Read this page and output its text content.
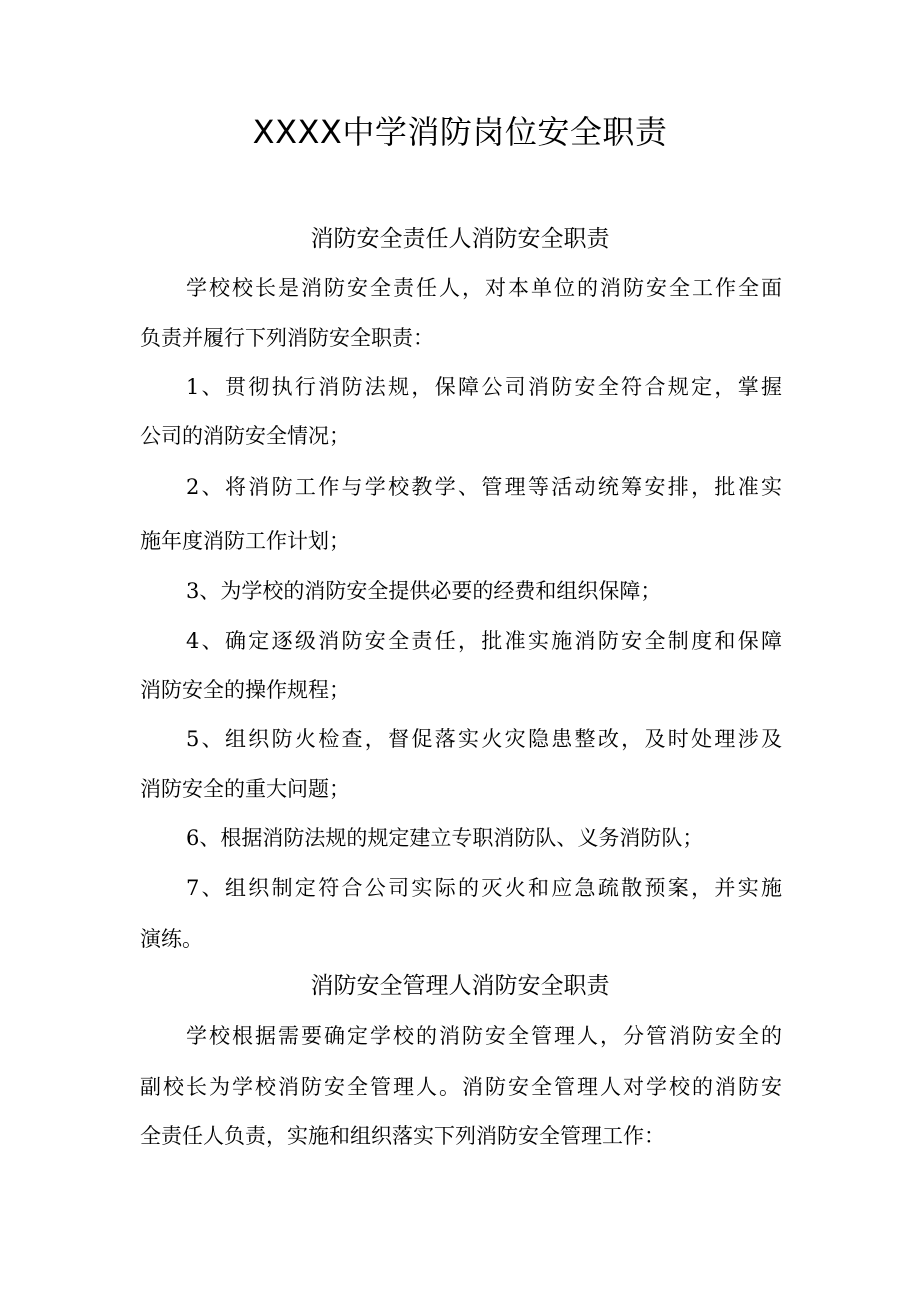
XXXX中学消防岗位安全职责
消防安全责任人消防安全职责
学校校长是消防安全责任人，对本单位的消防安全工作全面
负责并履行下列消防安全职责：
1、贯彻执行消防法规，保障公司消防安全符合规定，掌握
公司的消防安全情况；
2、将消防工作与学校教学、管理等活动统筹安排，批准实
施年度消防工作计划；
3、为学校的消防安全提供必要的经费和组织保障；
4、确定逐级消防安全责任，批准实施消防安全制度和保障
消防安全的操作规程；
5、组织防火检查，督促落实火灾隐患整改，及时处理涉及
消防安全的重大问题；
6、根据消防法规的规定建立专职消防队、义务消防队；
7、组织制定符合公司实际的灭火和应急疏散预案，并实施
演练。
消防安全管理人消防安全职责
学校根据需要确定学校的消防安全管理人，分管消防安全的
副校长为学校消防安全管理人。消防安全管理人对学校的消防安
全责任人负责，实施和组织落实下列消防安全管理工作：
